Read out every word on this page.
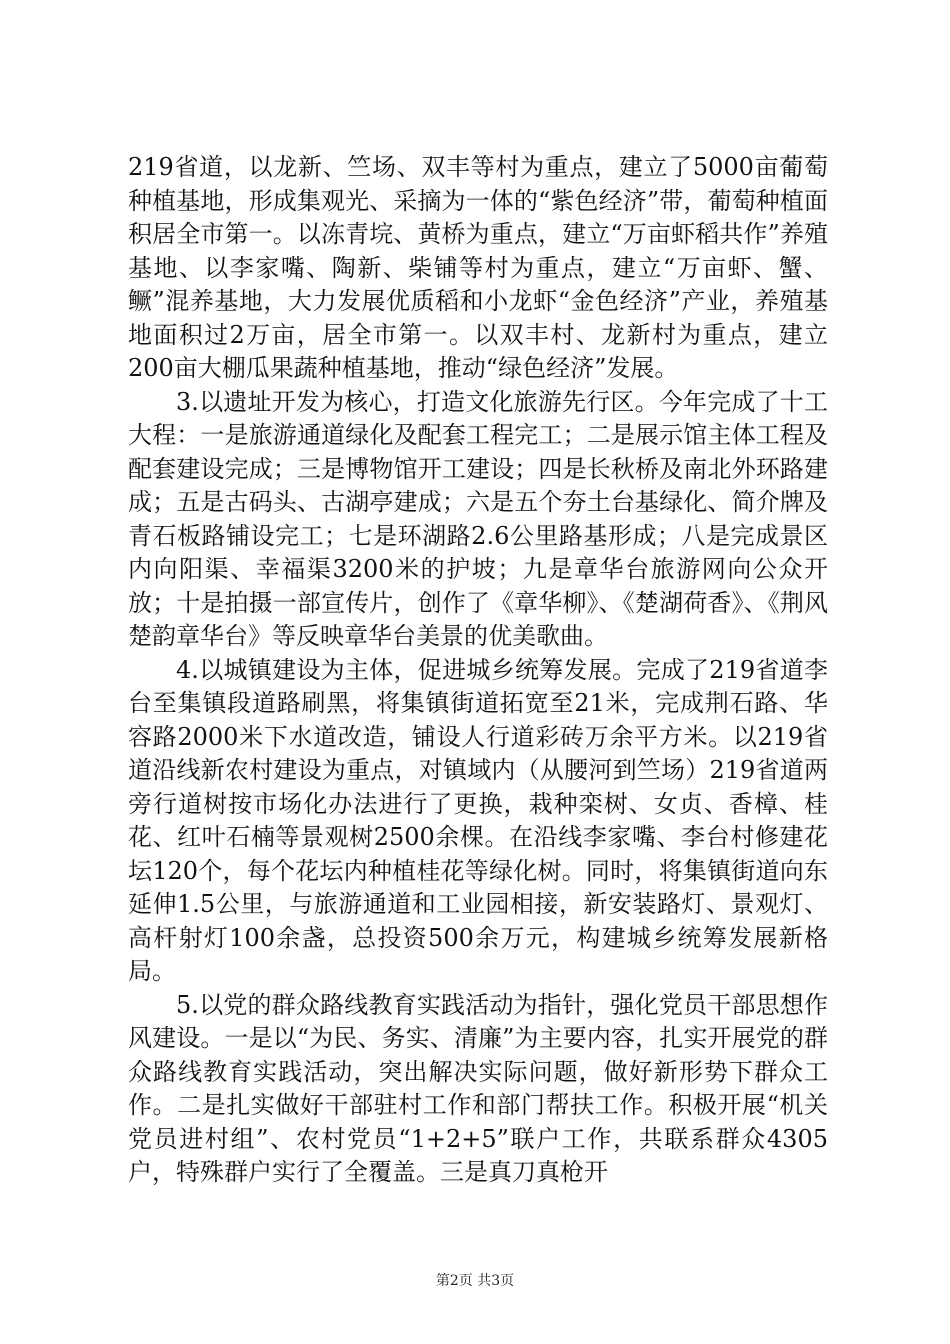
219省道，以龙新、竺场、双丰等村为重点，建立了5000亩葡萄种植基地，形成集观光、采摘为一体的“紫色经济”带，葡萄种植面积居全市第一。以冻青垸、黄桥为重点，建立“万亩虾稻共作”养殖基地、以李家嘴、陶新、柴铺等村为重点，建立“万亩虾、蟹、鳜”混养基地，大力发展优质稻和小龙虾“金色经济”产业，养殖基地面积过2万亩，居全市第一。以双丰村、龙新村为重点，建立200亩大棚瓜果蔬种植基地，推动“绿色经济”发展。

3.以遗址开发为核心，打造文化旅游先行区。今年完成了十工大程：一是旅游通道绿化及配套工程完工；二是展示馆主体工程及配套建设完成；三是博物馆开工建设；四是长秋桥及南北外环路建成；五是古码头、古湖亭建成；六是五个夯土台基绿化、简介牌及青石板路铺设完工；七是环湖路2.6公里路基形成；八是完成景区内向阳渠、幸福渠3200米的护坡；九是章华台旅游网向公众开放；十是拍摄一部宣传片，创作了《章华柳》、《楚湖荷香》、《荆风楚韵章华台》等反映章华台美景的优美歌曲。

4.以城镇建设为主体，促进城乡统筹发展。完成了219省道李台至集镇段道路刷黑，将集镇街道拓宽至21米，完成荆石路、华容路2000米下水道改造，铺设人行道彩砖万余平方米。以219省道沿线新农村建设为重点，对镇域内（从腰河到竺场）219省道两旁行道树按市场化办法进行了更换，栽种栾树、女贞、香樟、桂花、红叶石楠等景观树2500余棵。在沿线李家嘴、李台村修建花坛120个，每个花坛内种植桂花等绿化树。同时，将集镇街道向东延伸1.5公里，与旅游通道和工业园相接，新安装路灯、景观灯、高杆射灯100余盏，总投资500余万元，构建城乡统筹发展新格局。

5.以党的群众路线教育实践活动为指针，强化党员干部思想作风建设。一是以“为民、务实、清廉”为主要内容，扎实开展党的群众路线教育实践活动，突出解决实际问题，做好新形势下群众工作。二是扎实做好干部驻村工作和部门帮扶工作。积极开展“机关党员进村组”、农村党员“1+2+5”联户工作，共联系群众4305户，特殊群户实行了全覆盖。三是真刀真枪开

第2页 共3页
